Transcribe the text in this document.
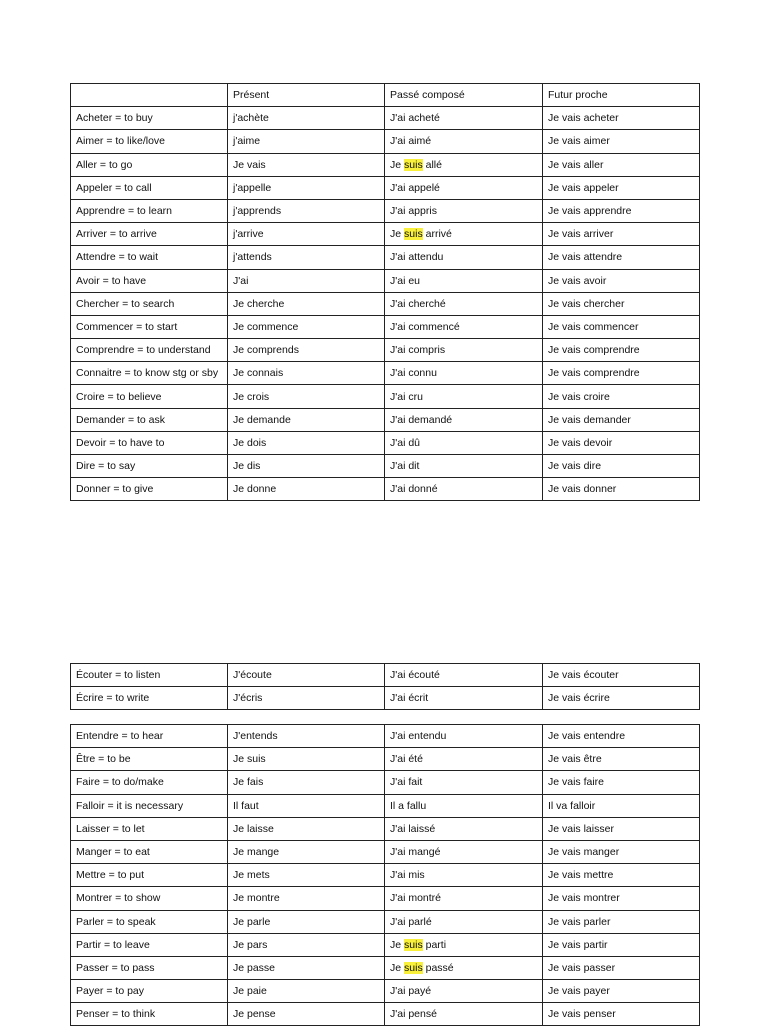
	Présent	Passé composé	Futur proche
Acheter = to buy	j'achète	J'ai acheté	Je vais acheter
Aimer = to like/love	j'aime	J'ai aimé	Je vais aimer
Aller = to go	Je vais	Je suis allé	Je vais aller
Appeler = to call	j'appelle	J'ai appelé	Je vais appeler
Apprendre = to learn	j'apprends	J'ai appris	Je vais apprendre
Arriver = to arrive	j'arrive	Je suis arrivé	Je vais arriver
Attendre = to wait	j'attends	J'ai attendu	Je vais attendre
Avoir = to have	J'ai	J'ai eu	Je vais avoir
Chercher = to search	Je cherche	J'ai cherché	Je vais chercher
Commencer = to start	Je commence	J'ai commencé	Je vais commencer
Comprendre = to understand	Je comprends	J'ai compris	Je vais comprendre
Connaitre = to know stg or sby	Je connais	J'ai connu	Je vais comprendre
Croire = to believe	Je crois	J'ai cru	Je vais croire
Demander = to ask	Je demande	J'ai demandé	Je vais demander
Devoir = to have to	Je dois	J'ai dû	Je vais devoir
Dire = to say	Je dis	J'ai dit	Je vais dire
Donner = to give	Je donne	J'ai donné	Je vais donner
Écouter = to listen	J'écoute	J'ai écouté	Je vais écouter
Écrire = to write	J'écris	J'ai écrit	Je vais écrire
Entendre = to hear	J'entends	J'ai entendu	Je vais entendre
Être = to be	Je suis	J'ai été	Je vais être
Faire = to do/make	Je fais	J'ai fait	Je vais faire
Falloir = it is necessary	Il faut	Il a fallu	Il va falloir
Laisser = to let	Je laisse	J'ai laissé	Je vais laisser
Manger = to eat	Je mange	J'ai mangé	Je vais manger
Mettre = to put	Je mets	J'ai mis	Je vais mettre
Montrer = to show	Je montre	J'ai montré	Je vais montrer
Parler = to speak	Je parle	J'ai parlé	Je vais parler
Partir = to leave	Je pars	Je suis parti	Je vais partir
Passer = to pass	Je passe	Je suis passé	Je vais passer
Payer = to pay	Je paie	J'ai payé	Je vais payer
Penser = to think	Je pense	J'ai pensé	Je vais penser
